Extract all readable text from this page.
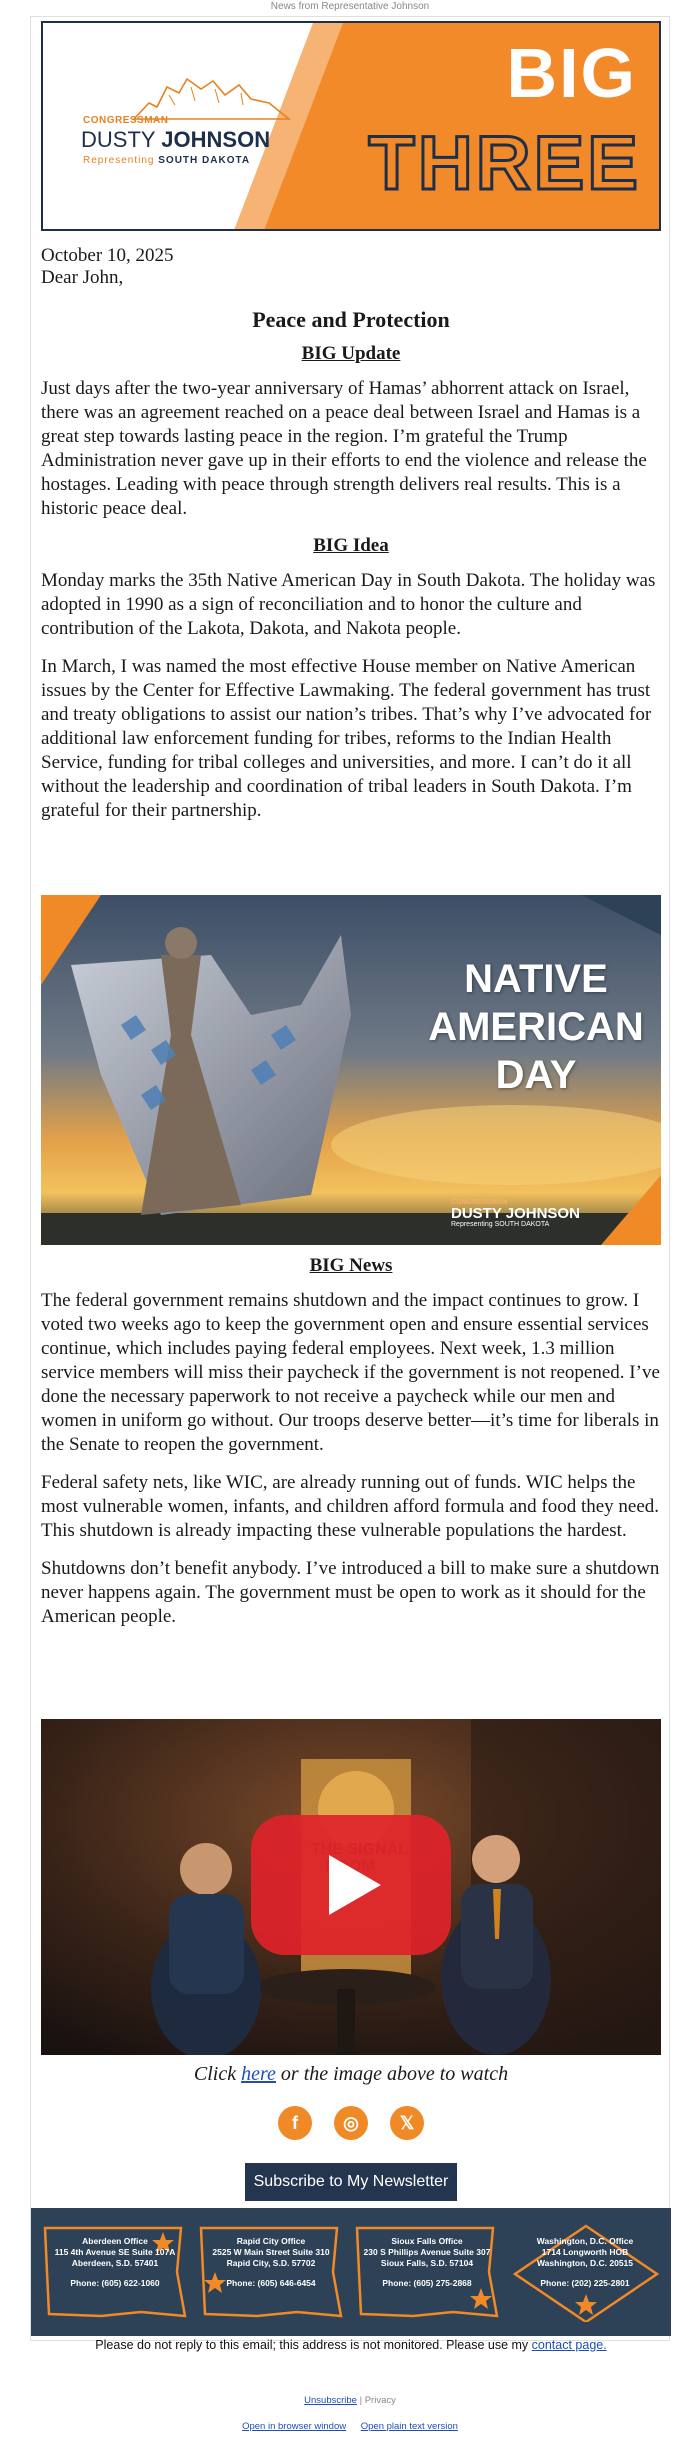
News from Representative Johnson
CONGRESSMAN
DUSTY JOHNSON
Representing SOUTH DAKOTA
BIG
THREE
October 10, 2025
Dear John,
Peace and Protection
BIG Update

Just days after the two-year anniversary of Hamas’ abhorrent attack on Israel, there was an agreement reached on a peace deal between Israel and Hamas is a great step towards lasting peace in the region. I’m grateful the Trump Administration never gave up in their efforts to end the violence and release the hostages. Leading with peace through strength delivers real results. This is a historic peace deal.

BIG Idea

Monday marks the 35th Native American Day in South Dakota. The holiday was adopted in 1990 as a sign of reconciliation and to honor the culture and contribution of the Lakota, Dakota, and Nakota people.

In March, I was named the most effective House member on Native American issues by the Center for Effective Lawmaking. The federal government has trust and treaty obligations to assist our nation’s tribes. That’s why I’ve advocated for additional law enforcement funding for tribes, reforms to the Indian Health Service, funding for tribal colleges and universities, and more. I can’t do it all without the leadership and coordination of tribal leaders in South Dakota. I’m grateful for their partnership.

NATIVE
AMERICAN
DAY
CONGRESSMAN
DUSTY JOHNSON
Representing SOUTH DAKOTA
BIG News

The federal government remains shutdown and the impact continues to grow. I voted two weeks ago to keep the government open and ensure essential services continue, which includes paying federal employees. Next week, 1.3 million service members will miss their paycheck if the government is not reopened. I’ve done the necessary paperwork to not receive a paycheck while our men and women in uniform go without. Our troops deserve better—it’s time for liberals in the Senate to reopen the government.

Federal safety nets, like WIC, are already running out of funds. WIC helps the most vulnerable women, infants, and children afford formula and food they need. This shutdown is already impacting these vulnerable populations the hardest.

Shutdowns don’t benefit anybody. I’ve introduced a bill to make sure a shutdown never happens again. The government must be open to work as it should for the American people.

Click here or the image above to watch
f	◎ 𝕏
Subscribe to My Newsletter
Aberdeen Office
115 4th Avenue SE Suite 107A
Aberdeen, S.D. 57401
Phone: (605) 622-1060
Rapid City Office
2525 W Main Street Suite 310
Rapid City, S.D. 57702
Phone: (605) 646-6454
Sioux Falls Office
230 S Phillips Avenue Suite 307
Sioux Falls, S.D. 57104
Phone: (605) 275-2868
Washington, D.C. Office
1714 Longworth HOB
Washington, D.C. 20515
Phone: (202) 225-2801
Please do not reply to this email; this address is not monitored. Please use my contact page.
Unsubscribe | Privacy
Open in browser window Open plain text version
